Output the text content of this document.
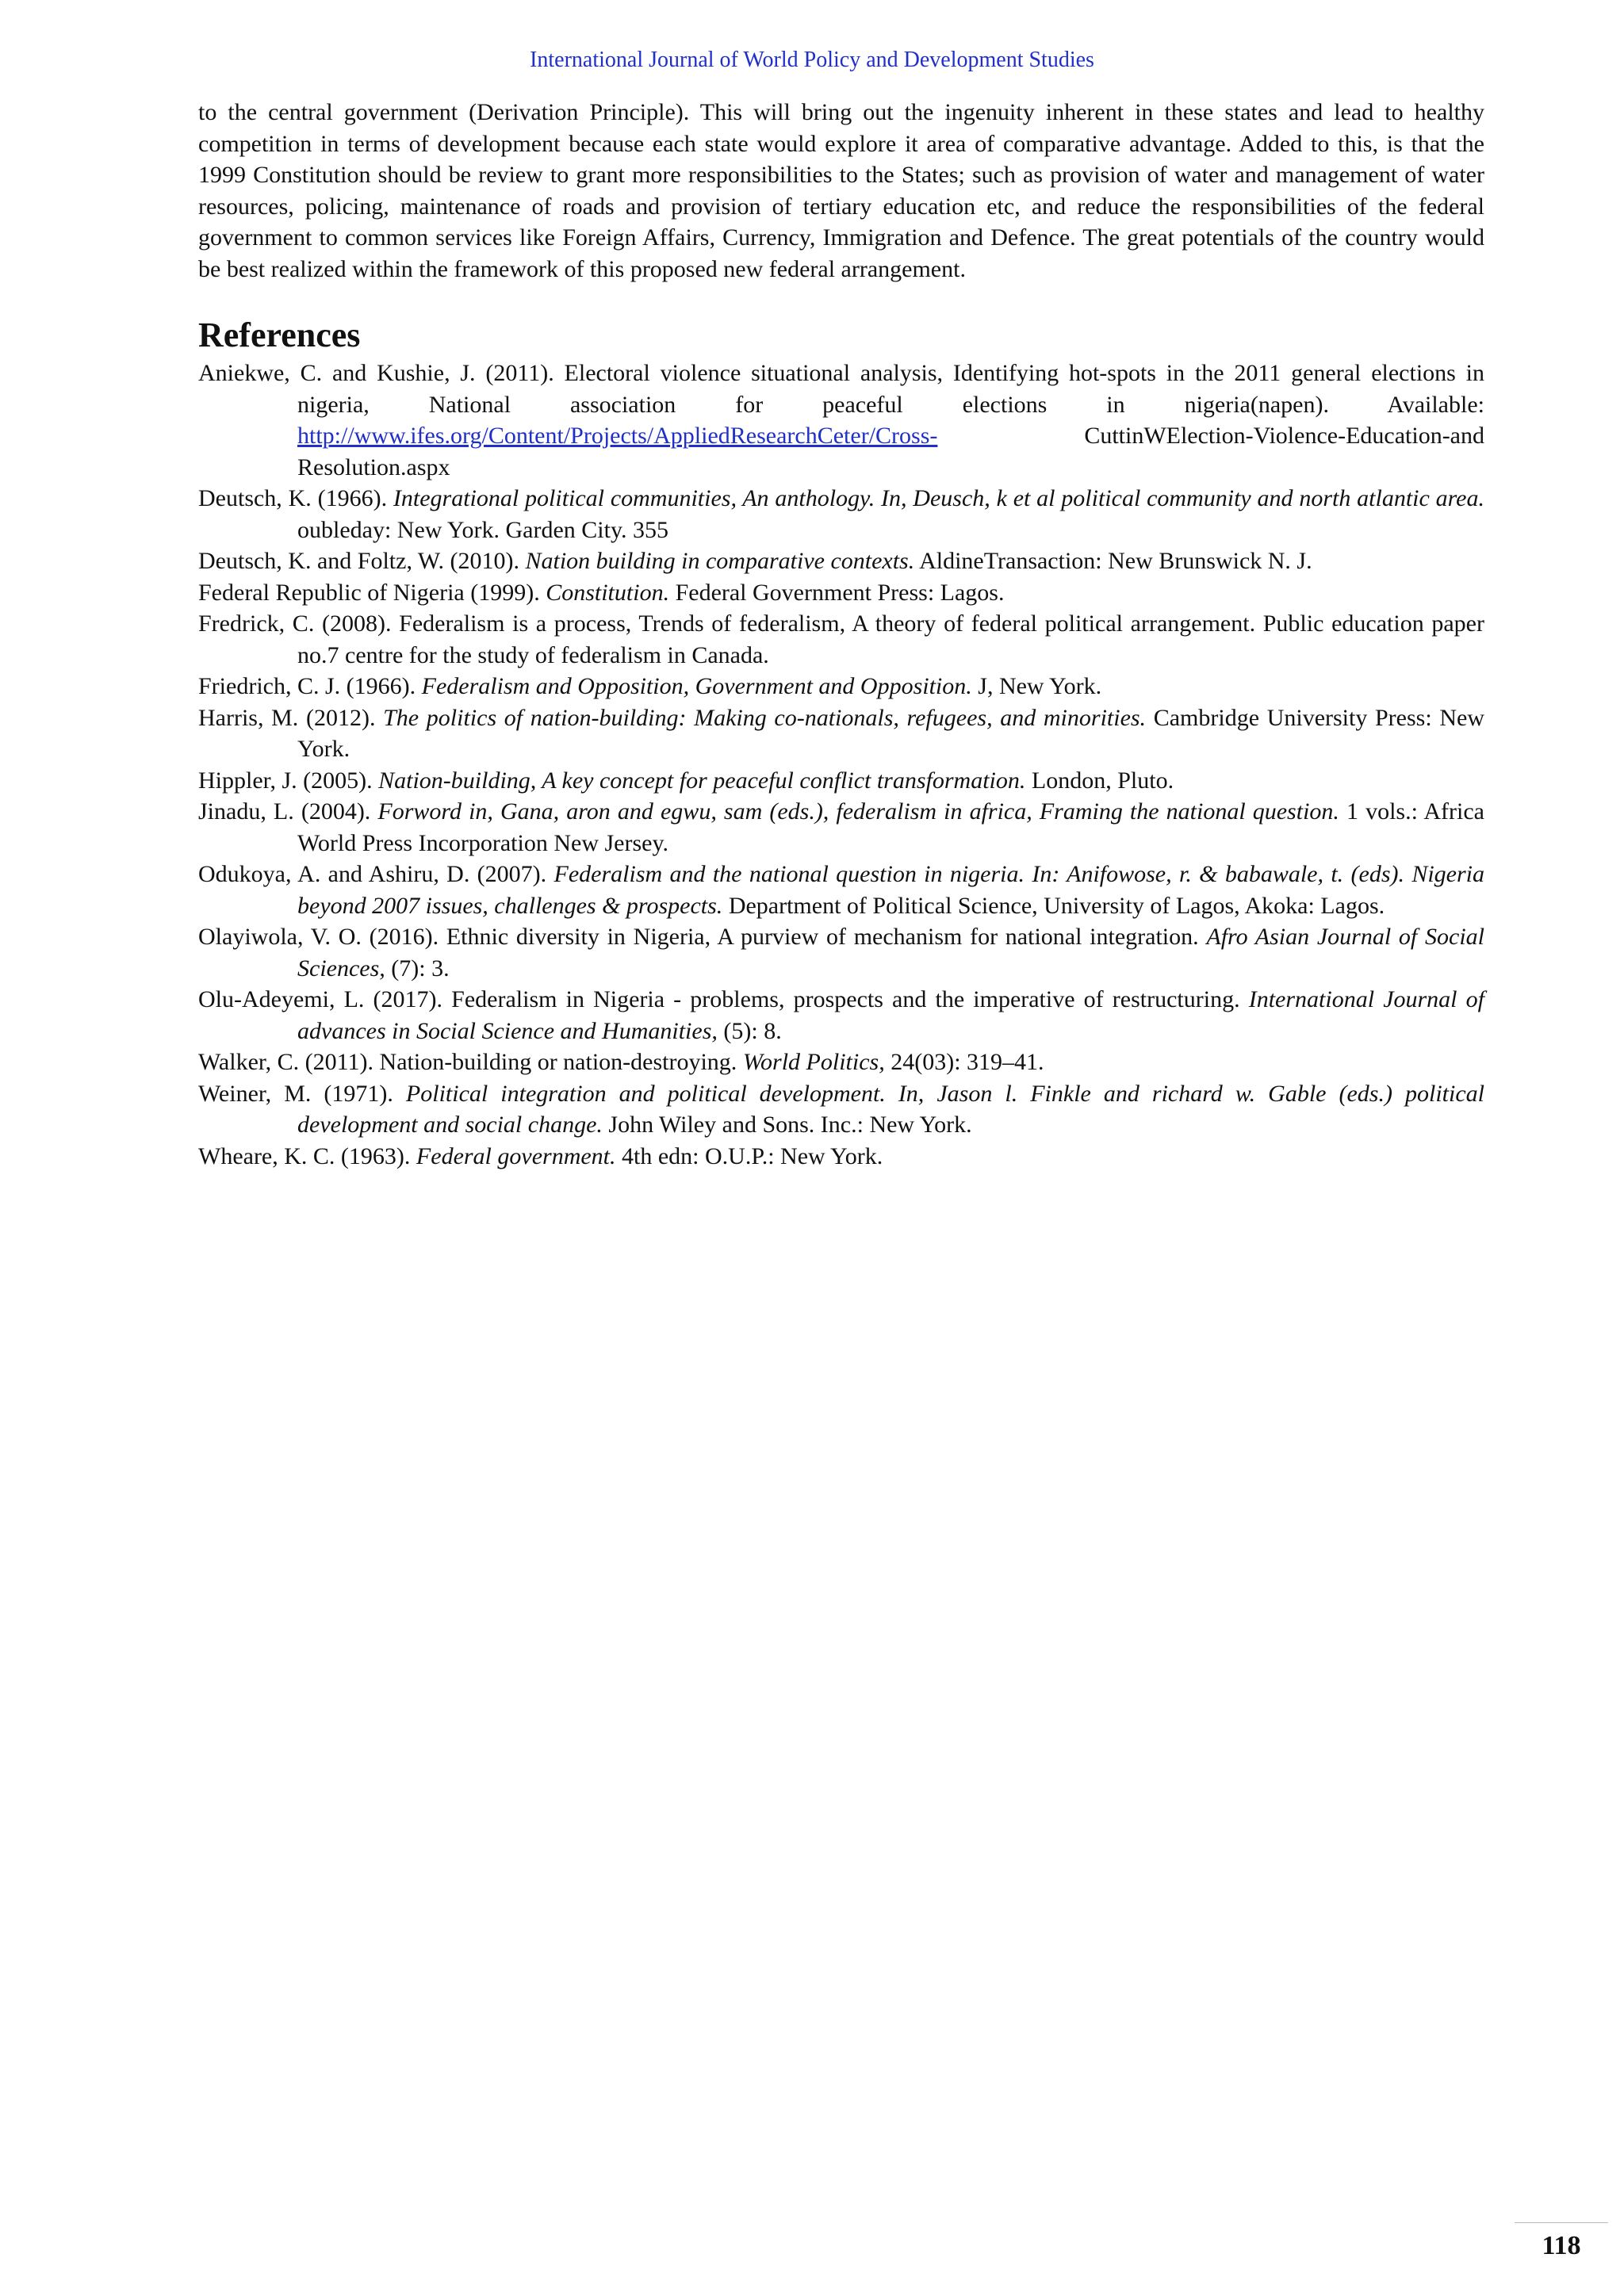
International Journal of World Policy and Development Studies

to the central government (Derivation Principle). This will bring out the ingenuity inherent in these states and lead to healthy competition in terms of development because each state would explore it area of comparative advantage. Added to this, is that the 1999 Constitution should be review to grant more responsibilities to the States; such as provision of water and management of water resources, policing, maintenance of roads and provision of tertiary education etc, and reduce the responsibilities of the federal government to common services like Foreign Affairs, Currency, Immigration and Defence. The great potentials of the country would be best realized within the framework of this proposed new federal arrangement.

References
Aniekwe, C. and Kushie, J. (2011). Electoral violence situational analysis, Identifying hot-spots in the 2011 general elections in nigeria, National association for peaceful elections in nigeria(napen). Available: http://www.ifes.org/Content/Projects/AppliedResearchCeter/Cross- CuttinWElection-Violence-Education-and Resolution.aspx
Deutsch, K. (1966). Integrational political communities, An anthology. In, Deusch, k et al political community and north atlantic area. oubleday: New York. Garden City. 355
Deutsch, K. and Foltz, W. (2010). Nation building in comparative contexts. AldineTransaction: New Brunswick N. J.
Federal Republic of Nigeria (1999). Constitution. Federal Government Press: Lagos.
Fredrick, C. (2008). Federalism is a process, Trends of federalism, A theory of federal political arrangement. Public education paper no.7 centre for the study of federalism in Canada.
Friedrich, C. J. (1966). Federalism and Opposition, Government and Opposition. J, New York.
Harris, M. (2012). The politics of nation-building: Making co-nationals, refugees, and minorities. Cambridge University Press: New York.
Hippler, J. (2005). Nation-building, A key concept for peaceful conflict transformation. London, Pluto.
Jinadu, L. (2004). Forword in, Gana, aron and egwu, sam (eds.), federalism in africa, Framing the national question. 1 vols.: Africa World Press Incorporation New Jersey.
Odukoya, A. and Ashiru, D. (2007). Federalism and the national question in nigeria. In: Anifowose, r. & babawale, t. (eds). Nigeria beyond 2007 issues, challenges & prospects. Department of Political Science, University of Lagos, Akoka: Lagos.
Olayiwola, V. O. (2016). Ethnic diversity in Nigeria, A purview of mechanism for national integration. Afro Asian Journal of Social Sciences, (7): 3.
Olu-Adeyemi, L. (2017). Federalism in Nigeria - problems, prospects and the imperative of restructuring. International Journal of advances in Social Science and Humanities, (5): 8.
Walker, C. (2011). Nation-building or nation-destroying. World Politics, 24(03): 319–41.
Weiner, M. (1971). Political integration and political development. In, Jason l. Finkle and richard w. Gable (eds.) political development and social change. John Wiley and Sons. Inc.: New York.
Wheare, K. C. (1963). Federal government. 4th edn: O.U.P.: New York.
118
